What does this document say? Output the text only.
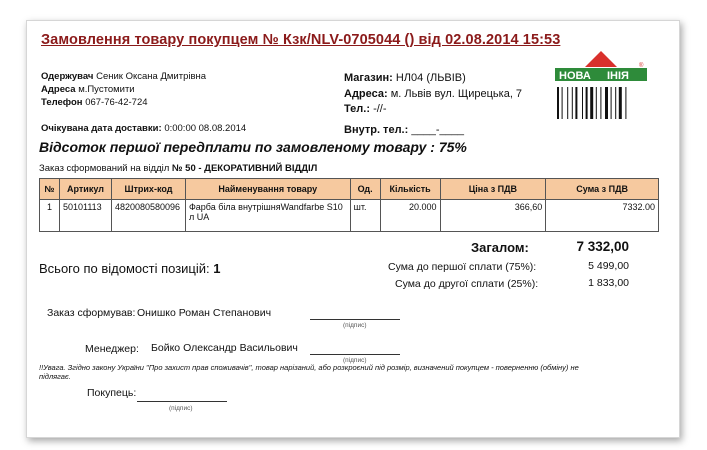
Замовлення товару покупцем № Кзк/NLV-0705044 () від 02.08.2014 15:53
Одержувач Сеник Оксана Дмитрівна
Адреса м.Пустомити
Телефон 067-76-42-724
Очікувана дата доставки: 0:00:00 08.08.2014
Магазин: НЛ04 (ЛЬВІВ)
Адреса: м. Львів вул. Щирецька, 7
Тел.: -//-
Внутр. тел.: ____-____
НОВА ІНІЯ
®
Відсоток першої передплати по замовленому товару : 75%
Заказ сформований на відділ № 50 - ДЕКОРАТИВНИЙ ВІДДІЛ
№	Артикул	Штрих-код	Найменування товару	Од.	Кількість	Ціна з ПДВ	Сума з ПДВ
1	50101113	4820080580096	Фарба біла внутрішняWandfarbe S10 л UA	шт.	20.000	366,60	7332.00
Всього по відомості позицій: 1
Загалом:	7 332,00
Сума до першої сплати (75%):	5 499,00
Сума до другої сплати (25%):	1 833,00
Заказ сформував: Онишко Роман Степанович
(підпис)
Менеджер: Бойко Олександр Васильович
(підпис)
!!Увага. Згідно закону України "Про захист прав споживачів", товар нарізаний, або розкроєний під розмір, визначений покупцем - поверненню (обміну) не підлягає.
Покупець:
(підпис)
